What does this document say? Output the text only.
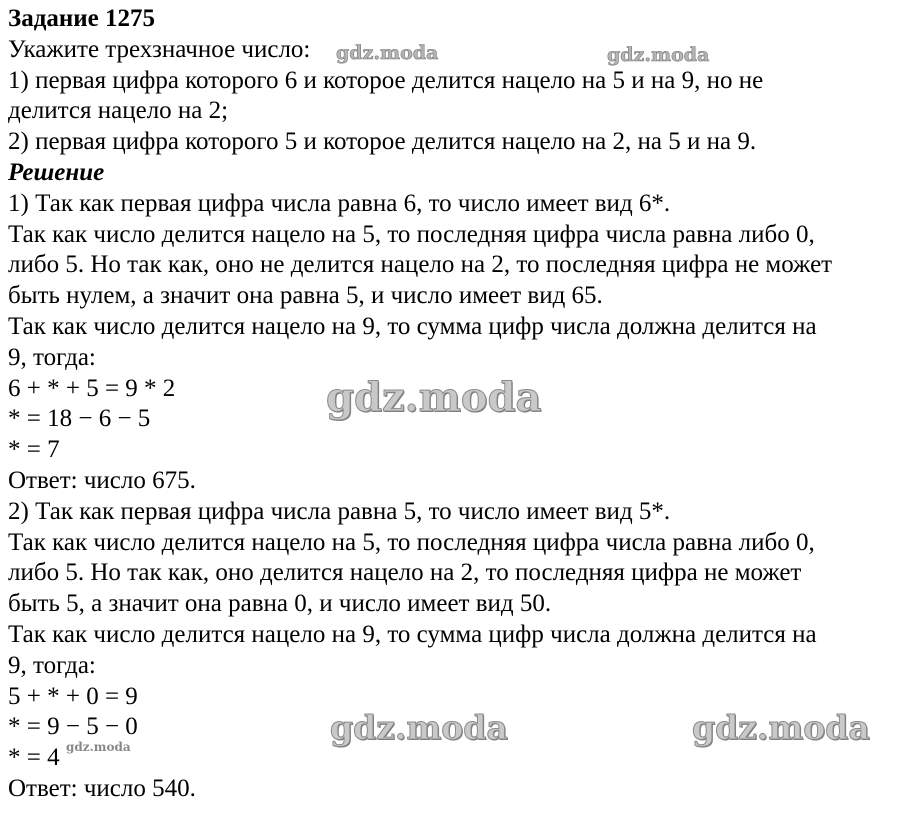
Задание 1275
Укажите трехзначное число:
1) первая цифра которого 6 и которое делится нацело на 5 и на 9, но не
делится нацело на 2;
2) первая цифра которого 5 и которое делится нацело на 2, на 5 и на 9.
Решение
1) Так как первая цифра числа равна 6, то число имеет вид 6*.
Так как число делится нацело на 5, то последняя цифра числа равна либо 0,
либо 5. Но так как, оно не делится нацело на 2, то последняя цифра не может
быть нулем, а значит она равна 5, и число имеет вид 65.
Так как число делится нацело на 9, то сумма цифр числа должна делится на
9, тогда:
6 + * + 5 = 9 * 2
* = 18 − 6 − 5
* = 7
Ответ: число 675.
2) Так как первая цифра числа равна 5, то число имеет вид 5*.
Так как число делится нацело на 5, то последняя цифра числа равна либо 0,
либо 5. Но так как, оно делится нацело на 2, то последняя цифра не может
быть 5, а значит она равна 0, и число имеет вид 50.
Так как число делится нацело на 9, то сумма цифр числа должна делится на
9, тогда:
5 + * + 0 = 9
* = 9 − 5 − 0
* = 4
Ответ: число 540.
gdz.moda	gdz.moda
gdz.moda
gdz.moda	gdz.moda
gdz.moda
